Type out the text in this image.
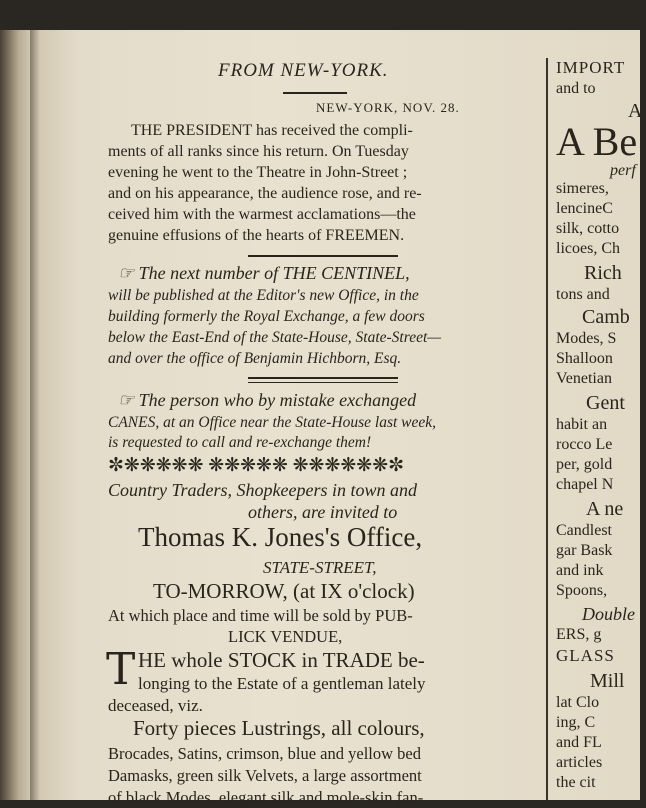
FROM NEW-YORK.
NEW-YORK, NOV. 28.
THE PRESIDENT has received the compli-
ments of all ranks since his return. On Tuesday
evening he went to the Theatre in John-Street ;
and on his appearance, the audience rose, and re-
ceived him with the warmest acclamations—the
genuine effusions of the hearts of FREEMEN.
☞ The next number of THE CENTINEL,
will be published at the Editor's new Office, in the
building formerly the Royal Exchange, a few doors
below the East-End of the State-House, State-Street—
and over the office of Benjamin Hichborn, Esq.
☞ The person who by mistake exchanged
CANES, at an Office near the State-House last week,
is requested to call and re-exchange them!
✼❋❋❋❋❋ ❋❋❋❋❋ ❋❋❋❋❋❋✼
Country Traders, Shopkeepers in town and
others, are invited to
Thomas K. Jones's Office,
STATE-STREET,
TO-MORROW, (at IX o'clock)
At which place and time will be sold by PUB-
LICK VENDUE,
T HE whole STOCK in TRADE be-
longing to the Estate of a gentleman lately
deceased, viz.
Forty pieces Lustrings, all colours,
Brocades, Satins, crimson, blue and yellow bed
Damasks, green silk Velvets, a large assortment
of black Modes, elegant silk and mole-skin fan-
IMPORT
and to
A
A Be
perf
simeres,
lencineC
silk, cotto
licoes, Ch
Rich
tons and
Camb
Modes, S
Shalloon
Venetian
Gent
habit an
rocco Le
per, gold
chapel N
A ne
Candlest
gar Bask
and ink
Spoons,
Double
ERS, g
GLASS
Mill
lat Clo
ing, C
and FL
articles
the cit
